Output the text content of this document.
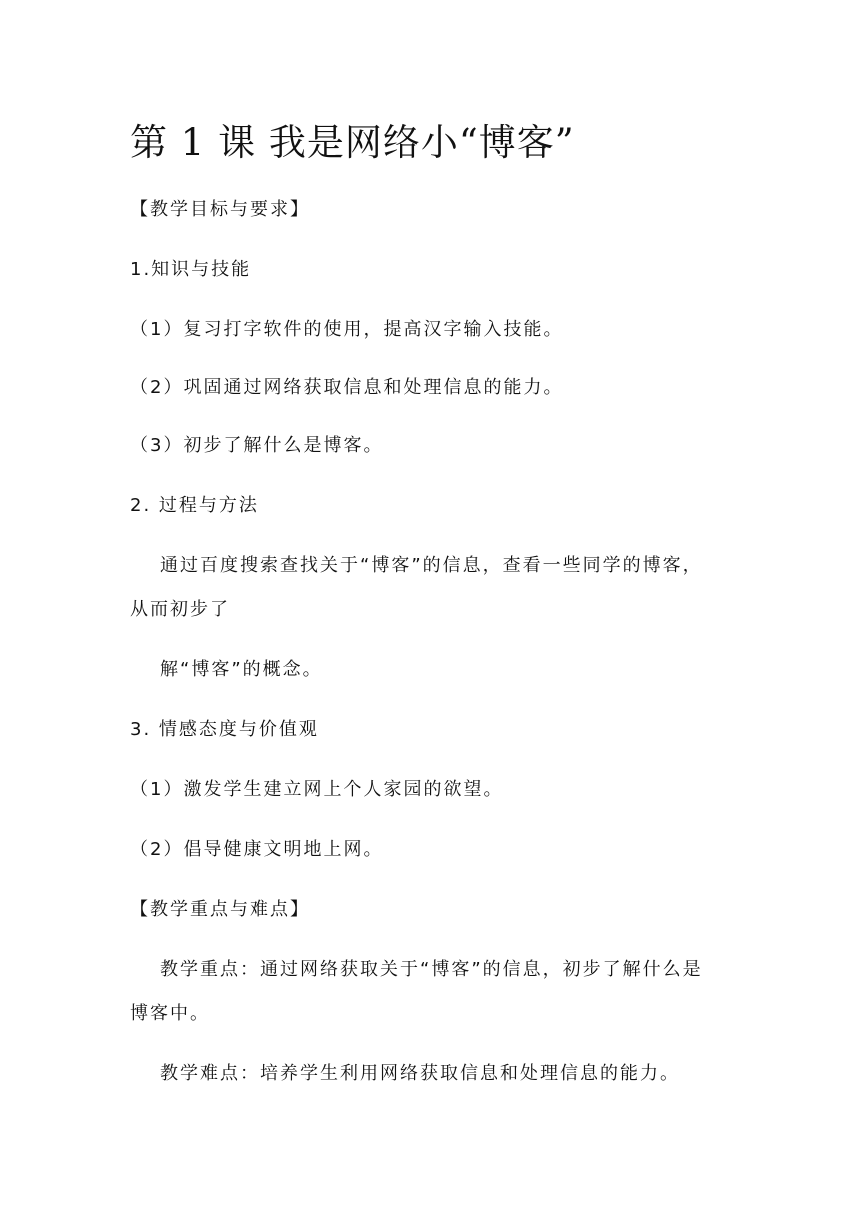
第 1 课 我是网络小“博客”
【教学目标与要求】
1.知识与技能
（1）复习打字软件的使用，提高汉字输入技能。
（2）巩固通过网络获取信息和处理信息的能力。
（3）初步了解什么是博客。
2. 过程与方法
通过百度搜索查找关于“博客”的信息，查看一些同学的博客，
从而初步了
解“博客”的概念。
3. 情感态度与价值观
（1）激发学生建立网上个人家园的欲望。
（2）倡导健康文明地上网。
【教学重点与难点】
教学重点：通过网络获取关于“博客”的信息，初步了解什么是
博客中。
教学难点：培养学生利用网络获取信息和处理信息的能力。
